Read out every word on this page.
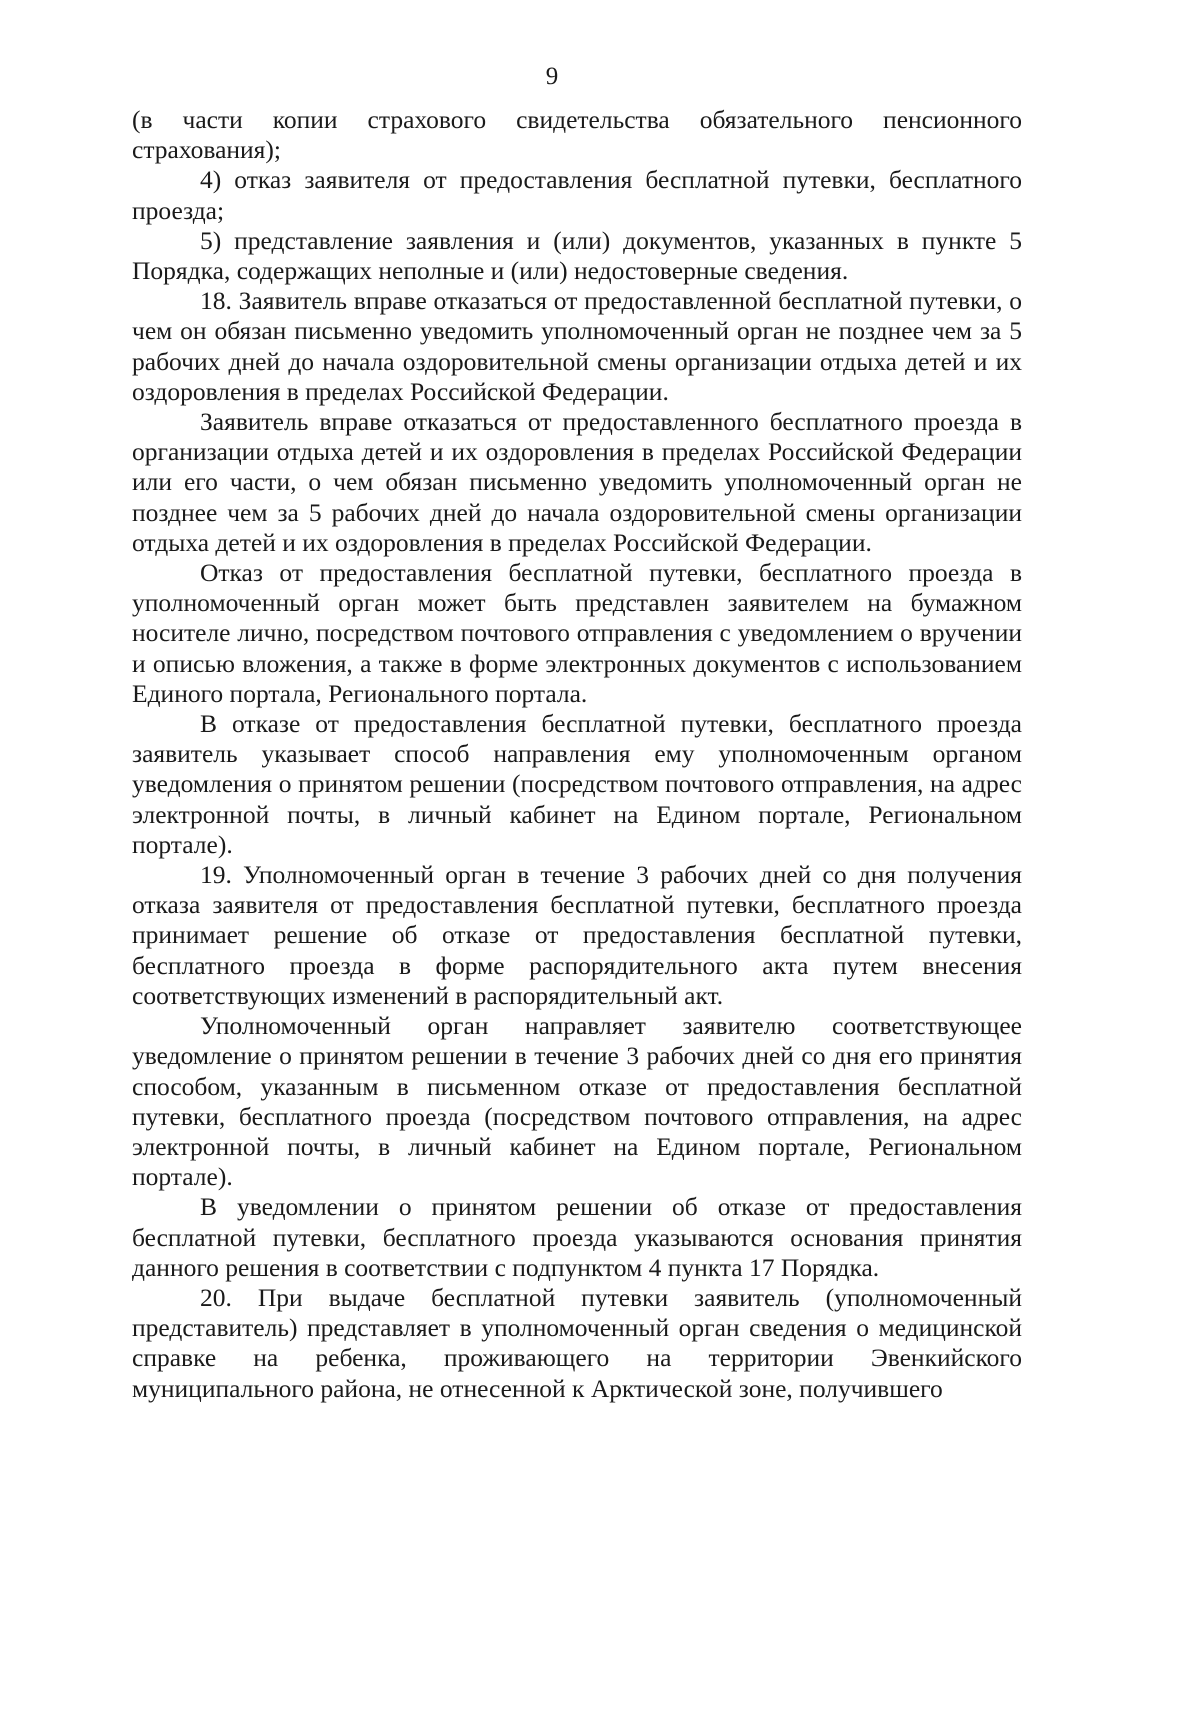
9

(в части копии страхового свидетельства обязательного пенсионного страхования);

4) отказ заявителя от предоставления бесплатной путевки, бесплатного проезда;

5) представление заявления и (или) документов, указанных в пункте 5 Порядка, содержащих неполные и (или) недостоверные сведения.

18. Заявитель вправе отказаться от предоставленной бесплатной путевки, о чем он обязан письменно уведомить уполномоченный орган не позднее чем за 5 рабочих дней до начала оздоровительной смены организации отдыха детей и их оздоровления в пределах Российской Федерации.

Заявитель вправе отказаться от предоставленного бесплатного проезда в организации отдыха детей и их оздоровления в пределах Российской Федерации или его части, о чем обязан письменно уведомить уполномоченный орган не позднее чем за 5 рабочих дней до начала оздоровительной смены организации отдыха детей и их оздоровления в пределах Российской Федерации.

Отказ от предоставления бесплатной путевки, бесплатного проезда в уполномоченный орган может быть представлен заявителем на бумажном носителе лично, посредством почтового отправления с уведомлением о вручении и описью вложения, а также в форме электронных документов с использованием Единого портала, Регионального портала.

В отказе от предоставления бесплатной путевки, бесплатного проезда заявитель указывает способ направления ему уполномоченным органом уведомления о принятом решении (посредством почтового отправления, на адрес электронной почты, в личный кабинет на Едином портале, Региональном портале).

19. Уполномоченный орган в течение 3 рабочих дней со дня получения отказа заявителя от предоставления бесплатной путевки, бесплатного проезда принимает решение об отказе от предоставления бесплатной путевки, бесплатного проезда в форме распорядительного акта путем внесения соответствующих изменений в распорядительный акт.

Уполномоченный орган направляет заявителю соответствующее уведомление о принятом решении в течение 3 рабочих дней со дня его принятия способом, указанным в письменном отказе от предоставления бесплатной путевки, бесплатного проезда (посредством почтового отправления, на адрес электронной почты, в личный кабинет на Едином портале, Региональном портале).

В уведомлении о принятом решении об отказе от предоставления бесплатной путевки, бесплатного проезда указываются основания принятия данного решения в соответствии с подпунктом 4 пункта 17 Порядка.

20. При выдаче бесплатной путевки заявитель (уполномоченный представитель) представляет в уполномоченный орган сведения о медицинской справке на ребенка, проживающего на территории Эвенкийского муниципального района, не отнесенной к Арктической зоне, получившего
